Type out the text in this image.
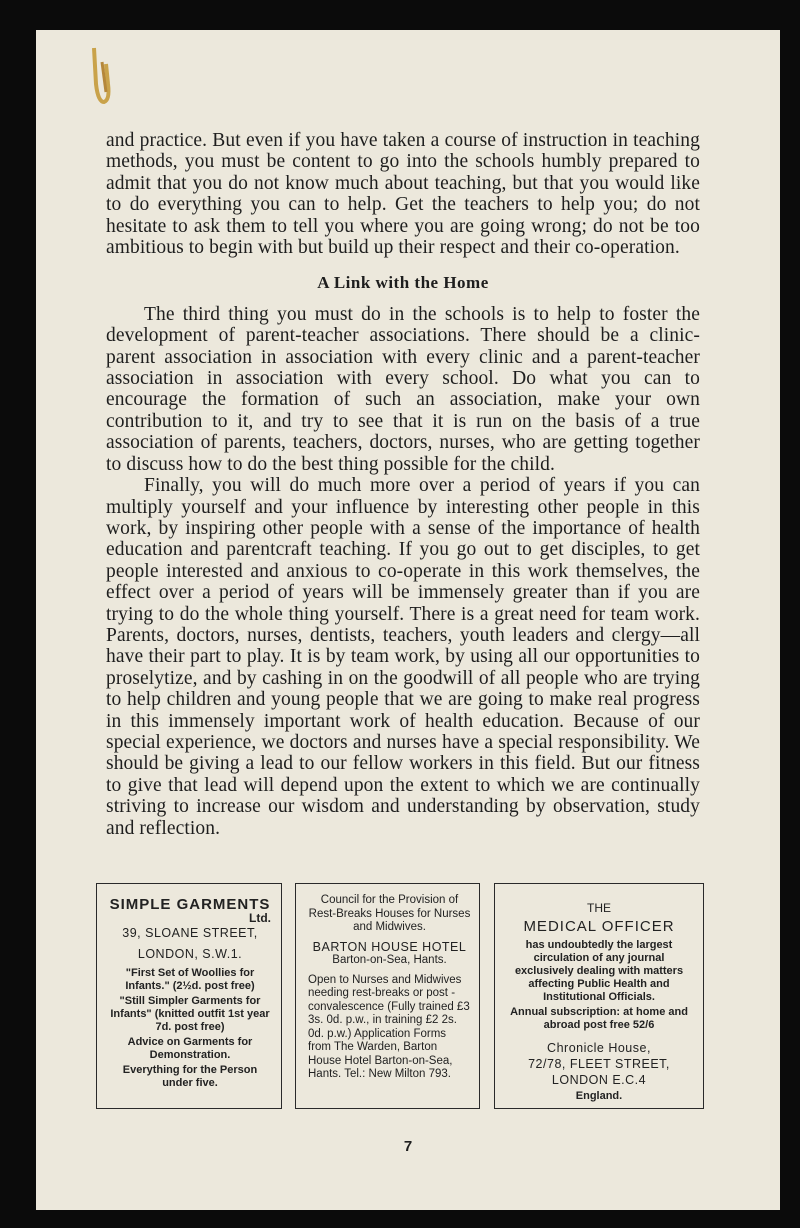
and practice. But even if you have taken a course of instruction in teaching methods, you must be content to go into the schools humbly prepared to admit that you do not know much about teaching, but that you would like to do everything you can to help. Get the teachers to help you; do not hesitate to ask them to tell you where you are going wrong; do not be too ambitious to begin with but build up their respect and their co-operation.

A Link with the Home

The third thing you must do in the schools is to help to foster the development of parent-teacher associations. There should be a clinic-parent association in association with every clinic and a parent-teacher association in association with every school. Do what you can to encourage the formation of such an association, make your own contribution to it, and try to see that it is run on the basis of a true association of parents, teachers, doctors, nurses, who are getting together to discuss how to do the best thing possible for the child.

Finally, you will do much more over a period of years if you can multiply yourself and your influence by interesting other people in this work, by inspiring other people with a sense of the importance of health education and parentcraft teaching. If you go out to get disciples, to get people interested and anxious to co-operate in this work themselves, the effect over a period of years will be immensely greater than if you are trying to do the whole thing yourself. There is a great need for team work. Parents, doctors, nurses, dentists, teachers, youth leaders and clergy—all have their part to play. It is by team work, by using all our opportunities to proselytize, and by cashing in on the goodwill of all people who are trying to help children and young people that we are going to make real progress in this immensely important work of health education. Because of our special experience, we doctors and nurses have a special responsibility. We should be giving a lead to our fellow workers in this field. But our fitness to give that lead will depend upon the extent to which we are continually striving to increase our wisdom and understanding by observation, study and reflection.

SIMPLE GARMENTS
Ltd.
39, SLOANE STREET,
LONDON, S.W.1.
"First Set of Woollies for Infants." (2½d. post free)
"Still Simpler Garments for Infants" (knitted outfit 1st year 7d. post free)
Advice on Garments for Demonstration.
Everything for the Person under five.
Council for the Provision of Rest-Breaks Houses for Nurses and Midwives.
BARTON HOUSE HOTEL
Barton-on-Sea, Hants.
Open to Nurses and Midwives needing rest-breaks or post - convalescence (Fully trained £3 3s. 0d. p.w., in training £2 2s. 0d. p.w.) Application Forms from The Warden, Barton House Hotel Barton-on-Sea, Hants. Tel.: New Milton 793.
THE
MEDICAL OFFICER
has undoubtedly the largest circulation of any journal exclusively dealing with matters affecting Public Health and Institutional Officials.
Annual subscription: at home and abroad post free 52/6
Chronicle House,
72/78, FLEET STREET,
LONDON E.C.4
England.
7
